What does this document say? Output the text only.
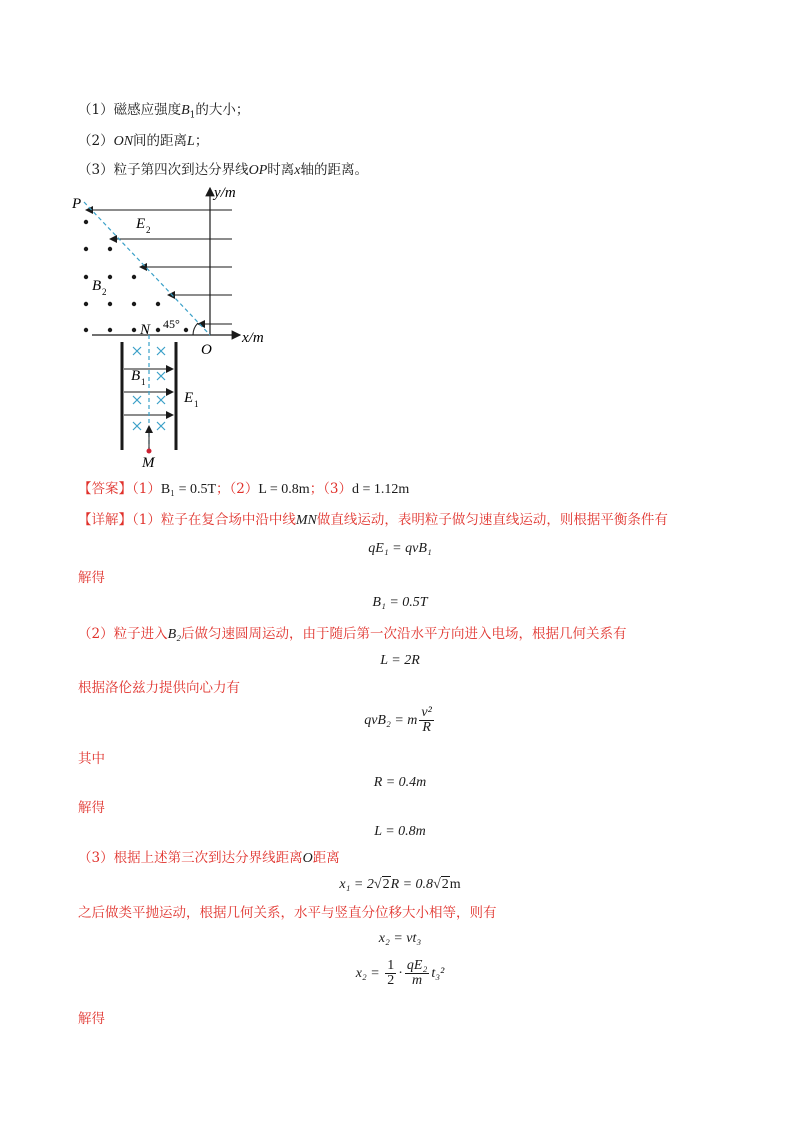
（1）磁感应强度$B_1$的大小；
（2）ON间的距离L；
（3）粒子第四次到达分界线OP时离x轴的距离。
P
y/m
E 2
B 2
N 45°
O
x/m
B 1
E 1
M
【答案】（1）B₁ = 0.5T；（2）L = 0.8m；（3）d = 1.12m
【详解】（1）粒子在复合场中沿中线MN做直线运动，表明粒子做匀速直线运动，则根据平衡条件有
qE₁ = qvB₁
解得
B₁ = 0.5T
（2）粒子进入B₂后做匀速圆周运动，由于随后第一次沿水平方向进入电场，根据几何关系有
L = 2R
根据洛伦兹力提供向心力有
qvB₂ = m $\frac{\text{v²}}{R}$
其中
R = 0.4m
解得
L = 0.8m
（3）根据上述第三次到达分界线距离O距离
x₁ = 2√2R = 0.8√2m
之后做类平抛运动，根据几何关系，水平与竖直分位移大小相等，则有
x₂ = vt₃
$x_2 = \frac{1}{2} \cdot \frac{\text{qE₂}}{m} t_3^2$
解得
